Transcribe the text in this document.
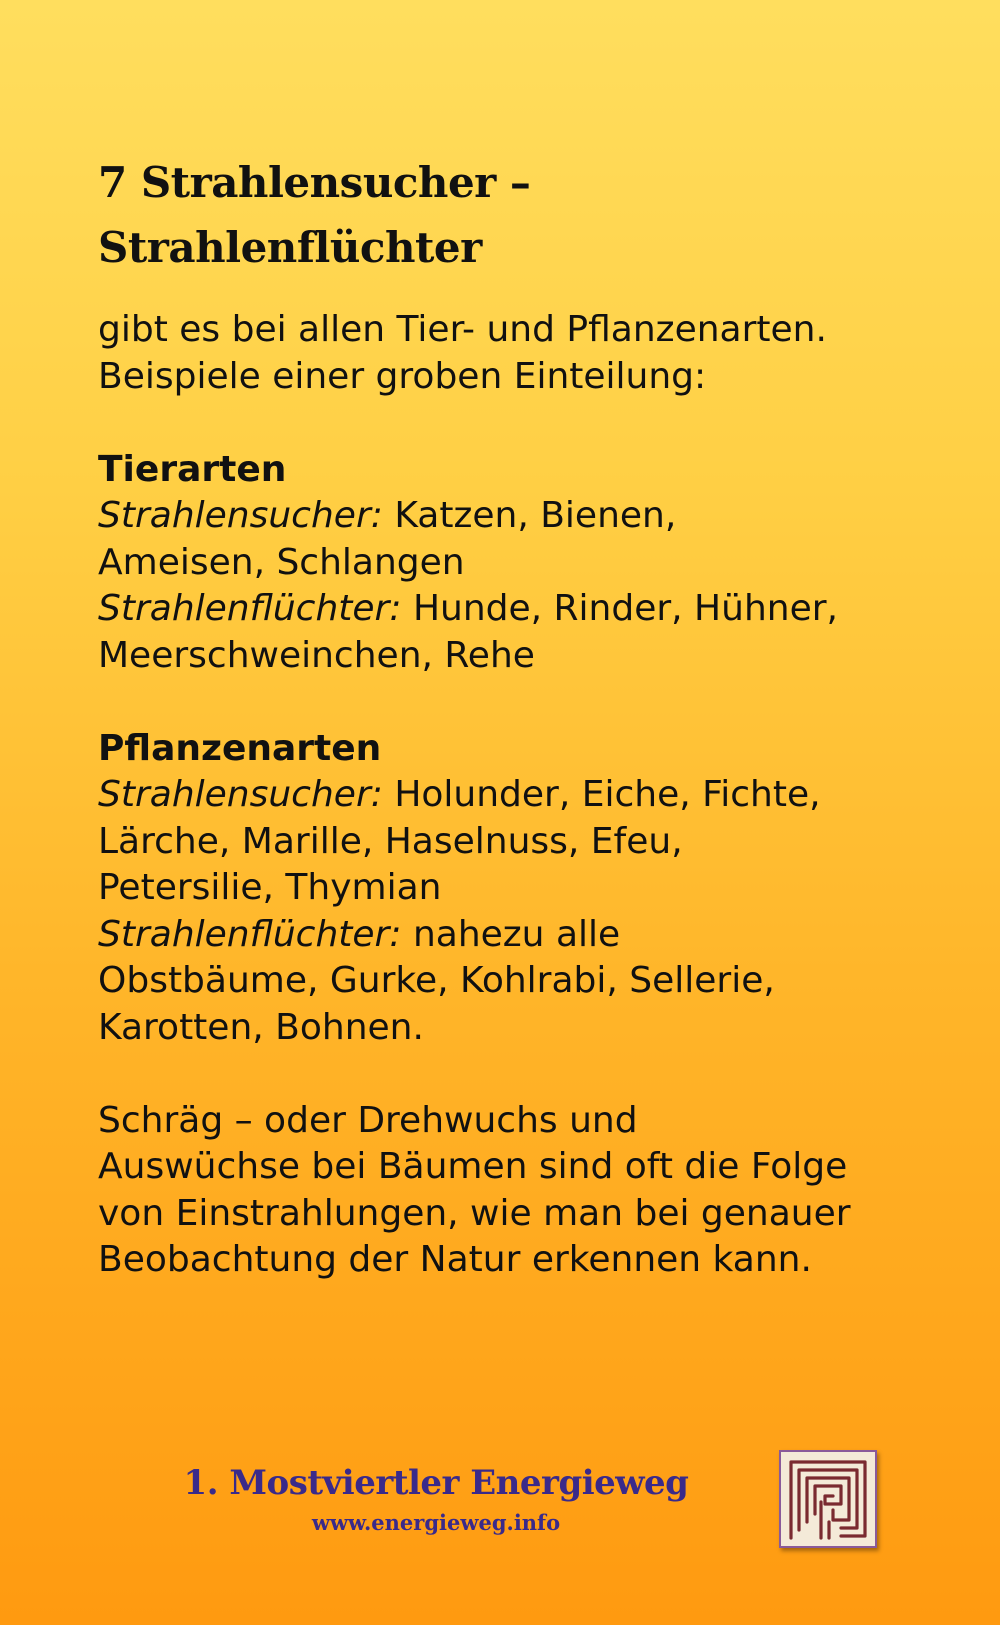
7 Strahlensucher –
Strahlenflüchter

gibt es bei allen Tier- und Pflanzenarten.
Beispiele einer groben Einteilung:

Tierarten
Strahlensucher: Katzen, Bienen,
Ameisen, Schlangen
Strahlenflüchter: Hunde, Rinder, Hühner,
Meerschweinchen, Rehe

Pflanzenarten
Strahlensucher: Holunder, Eiche, Fichte,
Lärche, Marille, Haselnuss, Efeu,
Petersilie, Thymian
Strahlenflüchter: nahezu alle
Obstbäume, Gurke, Kohlrabi, Sellerie,
Karotten, Bohnen.

Schräg – oder Drehwuchs und
Auswüchse bei Bäumen sind oft die Folge
von Einstrahlungen, wie man bei genauer
Beobachtung der Natur erkennen kann.

1. Mostviertler Energieweg
www.energieweg.info
